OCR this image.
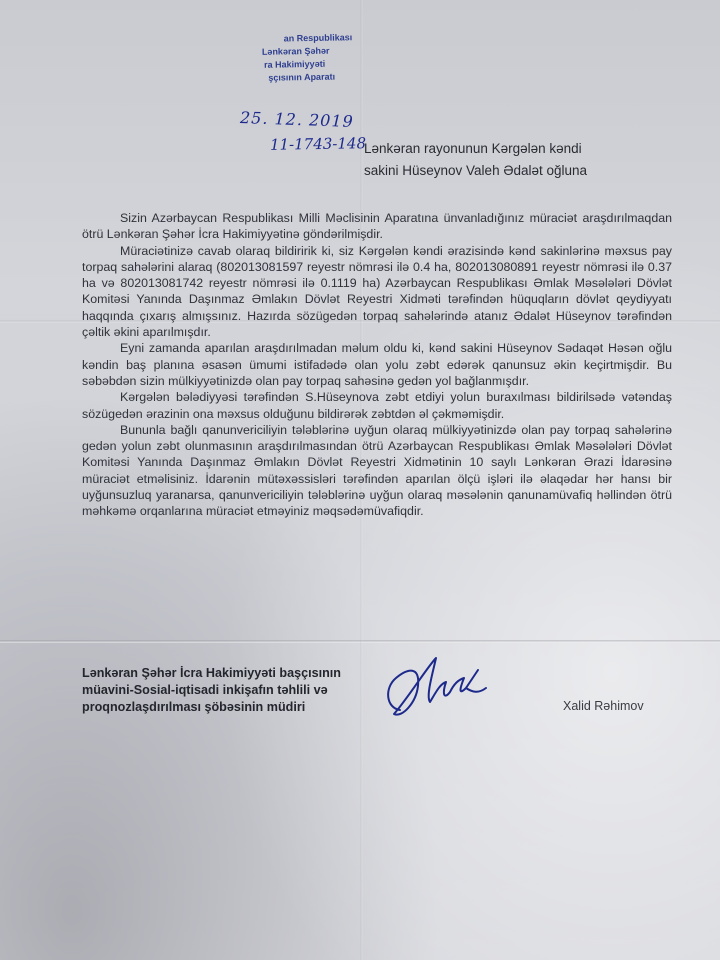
an Respublikası
Lənkəran Şəhər
ra Hakimiyyəti
şçısının Aparatı
25. 12. 2019
11-1743-148
Lənkəran rayonunun Kərgələn kəndi
sakini Hüseynov Valeh Ədalət oğluna

Sizin Azərbaycan Respublikası Milli Məclisinin Aparatına ünvanladığınız müraciət araşdırılmaqdan ötrü Lənkəran Şəhər İcra Hakimiyyətinə göndərilmişdir.

Müraciətinizə cavab olaraq bildiririk ki, siz Kərgələn kəndi ərazisində kənd sakinlərinə məxsus pay torpaq sahələrini alaraq (802013081597 reyestr nömrəsi ilə 0.4 ha, 802013080891 reyestr nömrəsi ilə 0.37 ha və 802013081742 reyestr nömrəsi ilə 0.1119 ha) Azərbaycan Respublikası Əmlak Məsələləri Dövlət Komitəsi Yanında Daşınmaz Əmlakın Dövlət Reyestri Xidməti tərəfindən hüquqların dövlət qeydiyyatı haqqında çıxarış almışsınız. Hazırda sözügedən torpaq sahələrində atanız Ədalət Hüseynov tərəfindən çəltik əkini aparılmışdır.

Eyni zamanda aparılan araşdırılmadan məlum oldu ki, kənd sakini Hüseynov Sədaqət Həsən oğlu kəndin baş planına əsasən ümumi istifadədə olan yolu zəbt edərək qanunsuz əkin keçirtmişdir. Bu səbəbdən sizin mülkiyyətinizdə olan pay torpaq sahəsinə gedən yol bağlanmışdır.

Kərgələn bələdiyyəsi tərəfindən S.Hüseynova zəbt etdiyi yolun buraxılması bildirilsədə vətəndaş sözügedən ərazinin ona məxsus olduğunu bildirərək zəbtdən əl çəkməmişdir.

Bununla bağlı qanunvericiliyin tələblərinə uyğun olaraq mülkiyyətinizdə olan pay torpaq sahələrinə gedən yolun zəbt olunmasının araşdırılmasından ötrü Azərbaycan Respublikası Əmlak Məsələləri Dövlət Komitəsi Yanında Daşınmaz Əmlakın Dövlət Reyestri Xidmətinin 10 saylı Lənkəran Ərazi İdarəsinə müraciət etməlisiniz. İdarənin mütəxəssisləri tərəfindən aparılan ölçü işləri ilə əlaqədar hər hansı bir uyğunsuzluq yaranarsa, qanunvericiliyin tələblərinə uyğun olaraq məsələnin qanunamüvafiq həllindən ötrü məhkəmə orqanlarına müraciət etməyiniz məqsədəmüvafiqdir.

Lənkəran Şəhər İcra Hakimiyyəti başçısının
müavini-Sosial-iqtisadi inkişafın təhlili və
proqnozlaşdırılması şöbəsinin müdiri	Xalid Rəhimov
